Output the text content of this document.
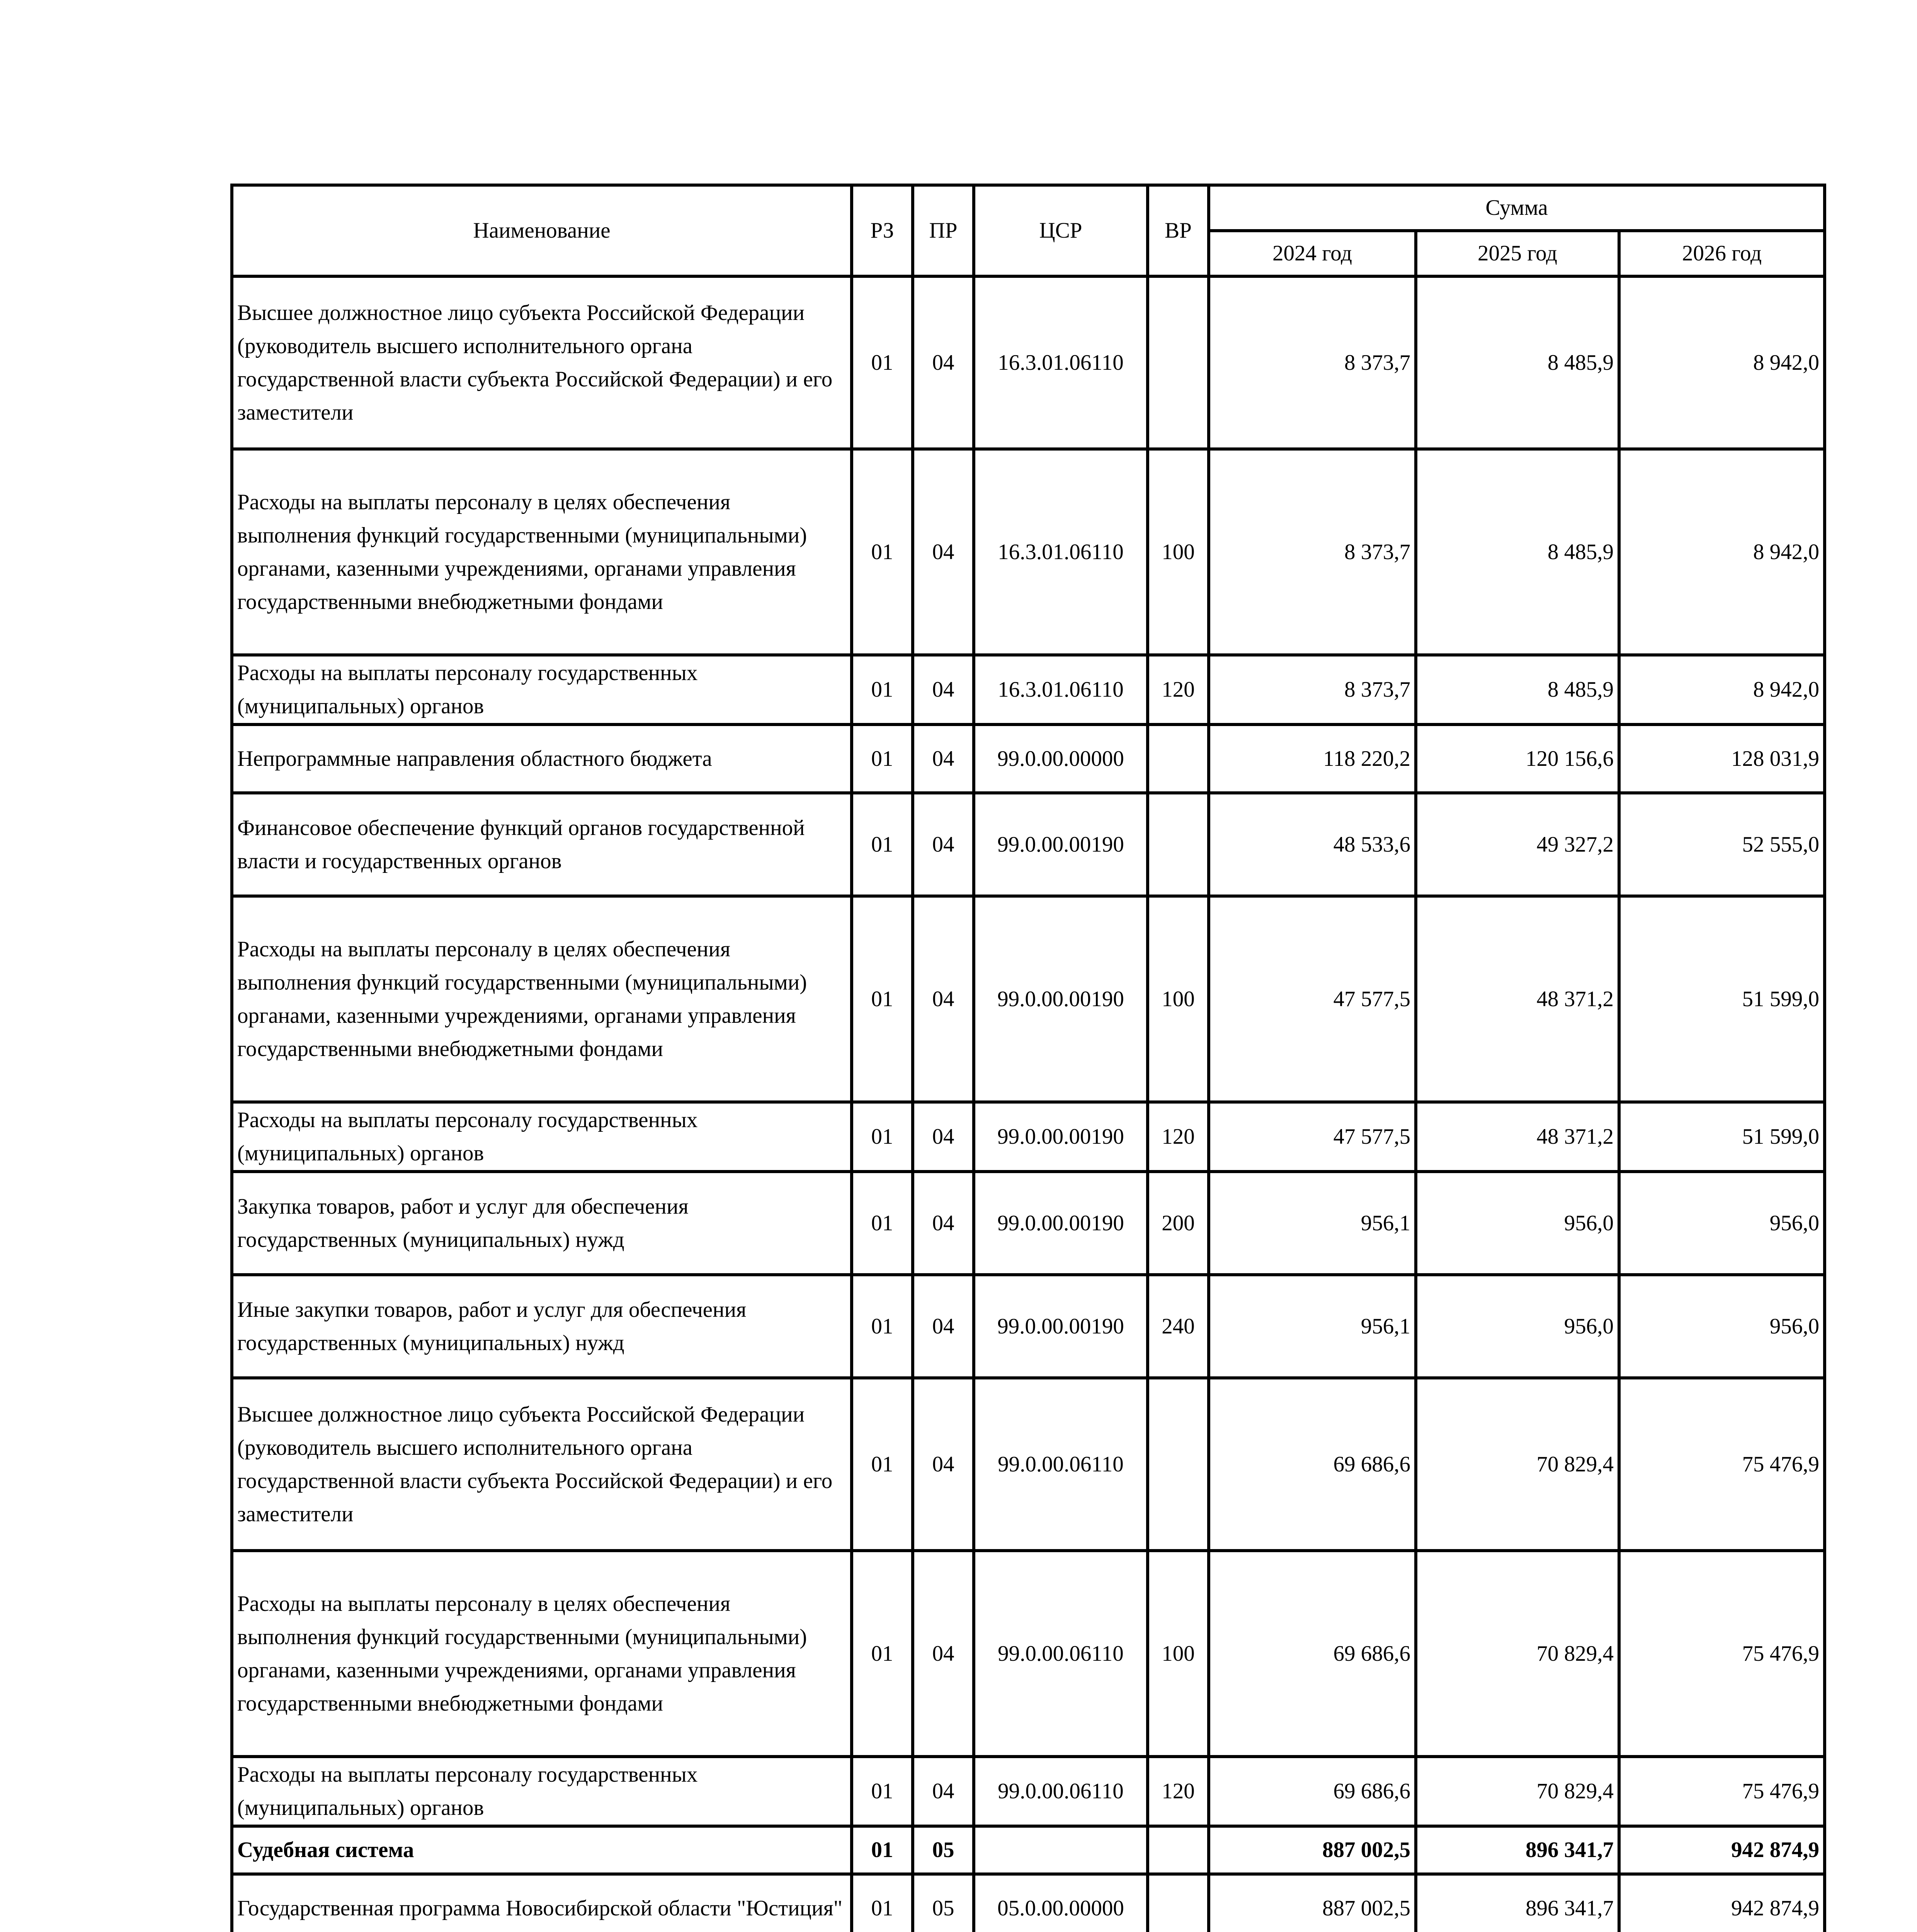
Наименование	РЗ	ПР	ЦСР	ВР	Сумма		
					2024 год	2025 год	2026 год
Высшее должностное лицо субъекта Российской Федерации (руководитель высшего исполнительного органа государственной власти субъекта Российской Федерации) и его заместители	01	04	16.3.01.06110		8 373,7	8 485,9	8 942,0
Расходы на выплаты персоналу в целях обеспечения выполнения функций государственными (муниципальными) органами, казенными учреждениями, органами управления государственными внебюджетными фондами	01	04	16.3.01.06110	100	8 373,7	8 485,9	8 942,0
Расходы на выплаты персоналу государственных (муниципальных) органов	01	04	16.3.01.06110	120	8 373,7	8 485,9	8 942,0
Непрограммные направления областного бюджета	01	04	99.0.00.00000		118 220,2	120 156,6	128 031,9
Финансовое обеспечение функций органов государственной власти и государственных органов	01	04	99.0.00.00190		48 533,6	49 327,2	52 555,0
Расходы на выплаты персоналу в целях обеспечения выполнения функций государственными (муниципальными) органами, казенными учреждениями, органами управления государственными внебюджетными фондами	01	04	99.0.00.00190	100	47 577,5	48 371,2	51 599,0
Расходы на выплаты персоналу государственных (муниципальных) органов	01	04	99.0.00.00190	120	47 577,5	48 371,2	51 599,0
Закупка товаров, работ и услуг для обеспечения государственных (муниципальных) нужд	01	04	99.0.00.00190	200	956,1	956,0	956,0
Иные закупки товаров, работ и услуг для обеспечения государственных (муниципальных) нужд	01	04	99.0.00.00190	240	956,1	956,0	956,0
Высшее должностное лицо субъекта Российской Федерации (руководитель высшего исполнительного органа государственной власти субъекта Российской Федерации) и его заместители	01	04	99.0.00.06110		69 686,6	70 829,4	75 476,9
Расходы на выплаты персоналу в целях обеспечения выполнения функций государственными (муниципальными) органами, казенными учреждениями, органами управления государственными внебюджетными фондами	01	04	99.0.00.06110	100	69 686,6	70 829,4	75 476,9
Расходы на выплаты персоналу государственных (муниципальных) органов	01	04	99.0.00.06110	120	69 686,6	70 829,4	75 476,9
Судебная система	01	05			887 002,5	896 341,7	942 874,9
Государственная программа Новосибирской области "Юстиция"	01	05	05.0.00.00000		887 002,5	896 341,7	942 874,9
